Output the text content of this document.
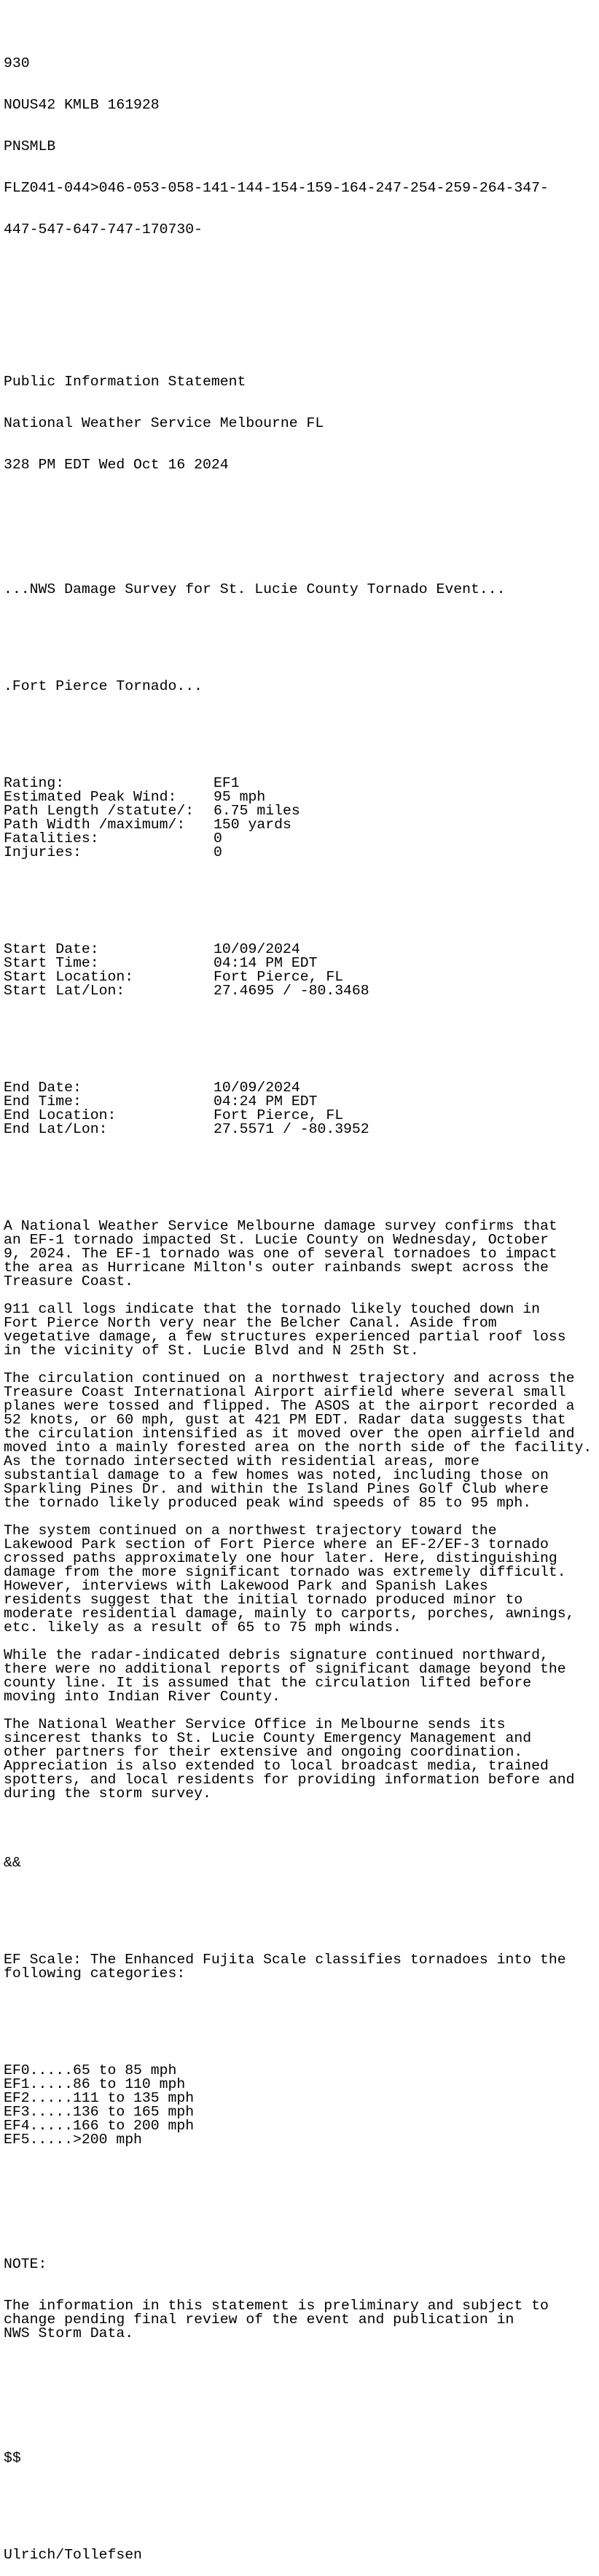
930

NOUS42 KMLB 161928

PNSMLB

FLZ041-044>046-053-058-141-144-154-159-164-247-254-259-264-347-

447-547-647-747-170730-

Public Information Statement

National Weather Service Melbourne FL

328 PM EDT Wed Oct 16 2024

...NWS Damage Survey for St. Lucie County Tornado Event...

.Fort Pierce Tornado...

Rating:	EF1
Estimated Peak Wind:	95 mph
Path Length /statute/:	6.75 miles
Path Width /maximum/:	150 yards
Fatalities:	0
Injuries:	0

Start Date:	10/09/2024
Start Time:	04:14 PM EDT
Start Location:	Fort Pierce, FL
Start Lat/Lon:	27.4695 / -80.3468

End Date:	10/09/2024
End Time:	04:24 PM EDT
End Location:	Fort Pierce, FL
End Lat/Lon:	27.5571 / -80.3952

A National Weather Service Melbourne damage survey confirms that
an EF-1 tornado impacted St. Lucie County on Wednesday, October
9, 2024. The EF-1 tornado was one of several tornadoes to impact
the area as Hurricane Milton's outer rainbands swept across the
Treasure Coast.
911 call logs indicate that the tornado likely touched down in
Fort Pierce North very near the Belcher Canal. Aside from
vegetative damage, a few structures experienced partial roof loss
in the vicinity of St. Lucie Blvd and N 25th St.
The circulation continued on a northwest trajectory and across the
Treasure Coast International Airport airfield where several small
planes were tossed and flipped. The ASOS at the airport recorded a
52 knots, or 60 mph, gust at 421 PM EDT. Radar data suggests that
the circulation intensified as it moved over the open airfield and
moved into a mainly forested area on the north side of the facility.
As the tornado intersected with residential areas, more
substantial damage to a few homes was noted, including those on
Sparkling Pines Dr. and within the Island Pines Golf Club where
the tornado likely produced peak wind speeds of 85 to 95 mph.
The system continued on a northwest trajectory toward the
Lakewood Park section of Fort Pierce where an EF-2/EF-3 tornado
crossed paths approximately one hour later. Here, distinguishing
damage from the more significant tornado was extremely difficult.
However, interviews with Lakewood Park and Spanish Lakes
residents suggest that the initial tornado produced minor to
moderate residential damage, mainly to carports, porches, awnings,
etc. likely as a result of 65 to 75 mph winds.
While the radar-indicated debris signature continued northward,
there were no additional reports of significant damage beyond the
county line. It is assumed that the circulation lifted before
moving into Indian River County.
The National Weather Service Office in Melbourne sends its
sincerest thanks to St. Lucie County Emergency Management and
other partners for their extensive and ongoing coordination.
Appreciation is also extended to local broadcast media, trained
spotters, and local residents for providing information before and
during the storm survey.

&&

EF Scale: The Enhanced Fujita Scale classifies tornadoes into the
following categories:

EF0.....65 to 85 mph
EF1.....86 to 110 mph
EF2.....111 to 135 mph
EF3.....136 to 165 mph
EF4.....166 to 200 mph
EF5.....>200 mph

NOTE:

The information in this statement is preliminary and subject to
change pending final review of the event and publication in
NWS Storm Data.

$$

Ulrich/Tollefsen
